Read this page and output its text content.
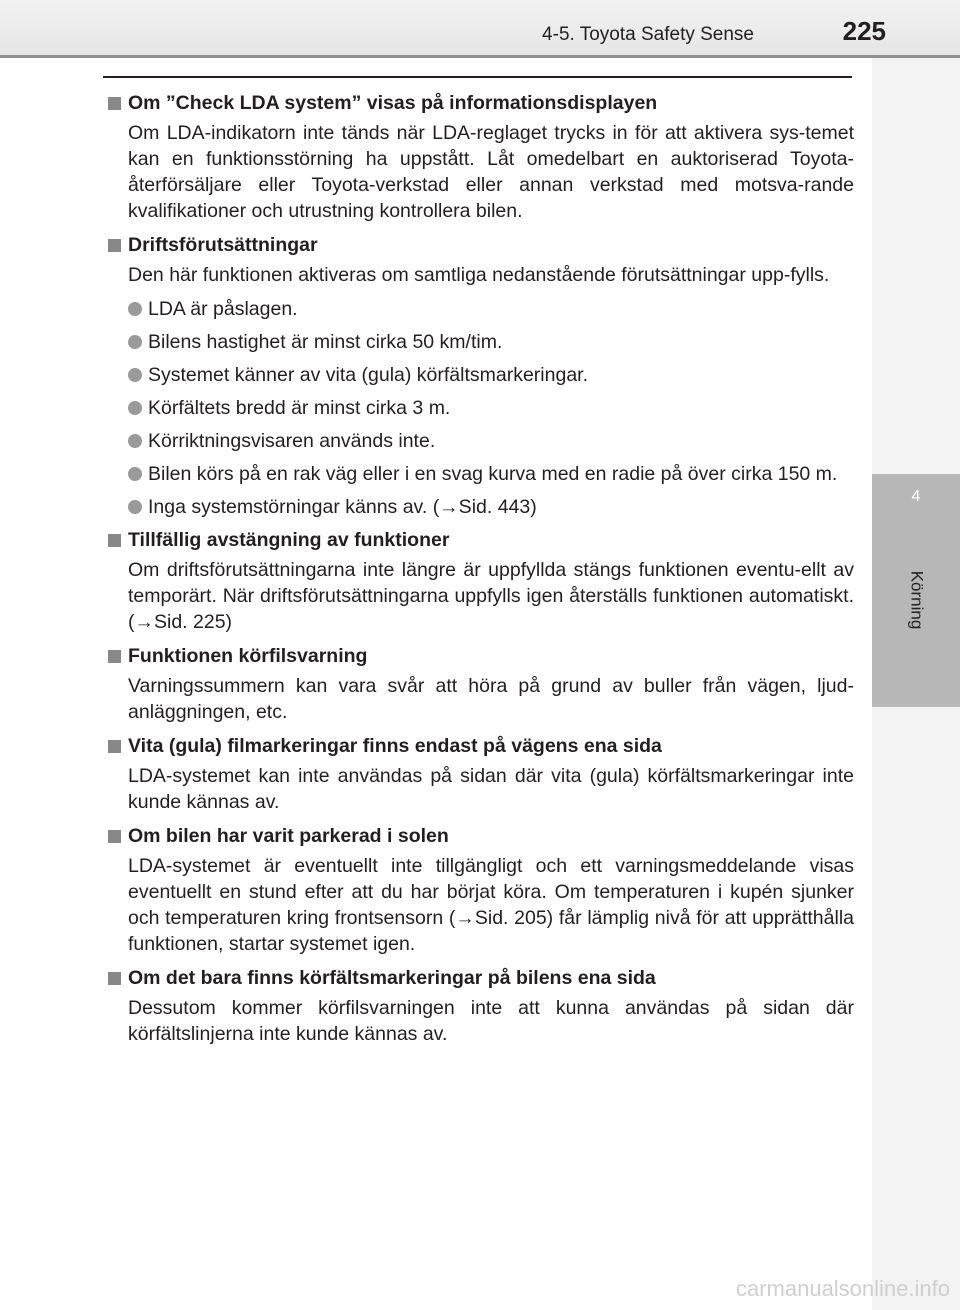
4-5. Toyota Safety Sense	225
4
Körning
Om ”Check LDA system” visas på informationsdisplayen

Om LDA-indikatorn inte tänds när LDA-reglaget trycks in för att aktivera sys-temet kan en funktionsstörning ha uppstått. Låt omedelbart en auktoriserad Toyota-återförsäljare eller Toyota-verkstad eller annan verkstad med motsva-rande kvalifikationer och utrustning kontrollera bilen.

Driftsförutsättningar

Den här funktionen aktiveras om samtliga nedanstående förutsättningar upp-fylls.

LDA är påslagen.
Bilens hastighet är minst cirka 50 km/tim.
Systemet känner av vita (gula) körfältsmarkeringar.
Körfältets bredd är minst cirka 3 m.
Körriktningsvisaren används inte.
Bilen körs på en rak väg eller i en svag kurva med en radie på över cirka 150 m.
Inga systemstörningar känns av. (→Sid. 443)
Tillfällig avstängning av funktioner

Om driftsförutsättningarna inte längre är uppfyllda stängs funktionen eventu-ellt av temporärt. När driftsförutsättningarna uppfylls igen återställs funktionen automatiskt. (→Sid. 225)

Funktionen körfilsvarning

Varningssummern kan vara svår att höra på grund av buller från vägen, ljud-anläggningen, etc.

Vita (gula) filmarkeringar finns endast på vägens ena sida

LDA-systemet kan inte användas på sidan där vita (gula) körfältsmarkeringar inte kunde kännas av.

Om bilen har varit parkerad i solen

LDA-systemet är eventuellt inte tillgängligt och ett varningsmeddelande visas eventuellt en stund efter att du har börjat köra. Om temperaturen i kupén sjunker och temperaturen kring frontsensorn (→Sid. 205) får lämplig nivå för att upprätthålla funktionen, startar systemet igen.

Om det bara finns körfältsmarkeringar på bilens ena sida

Dessutom kommer körfilsvarningen inte att kunna användas på sidan där körfältslinjerna inte kunde kännas av.

carmanualsonline.info
